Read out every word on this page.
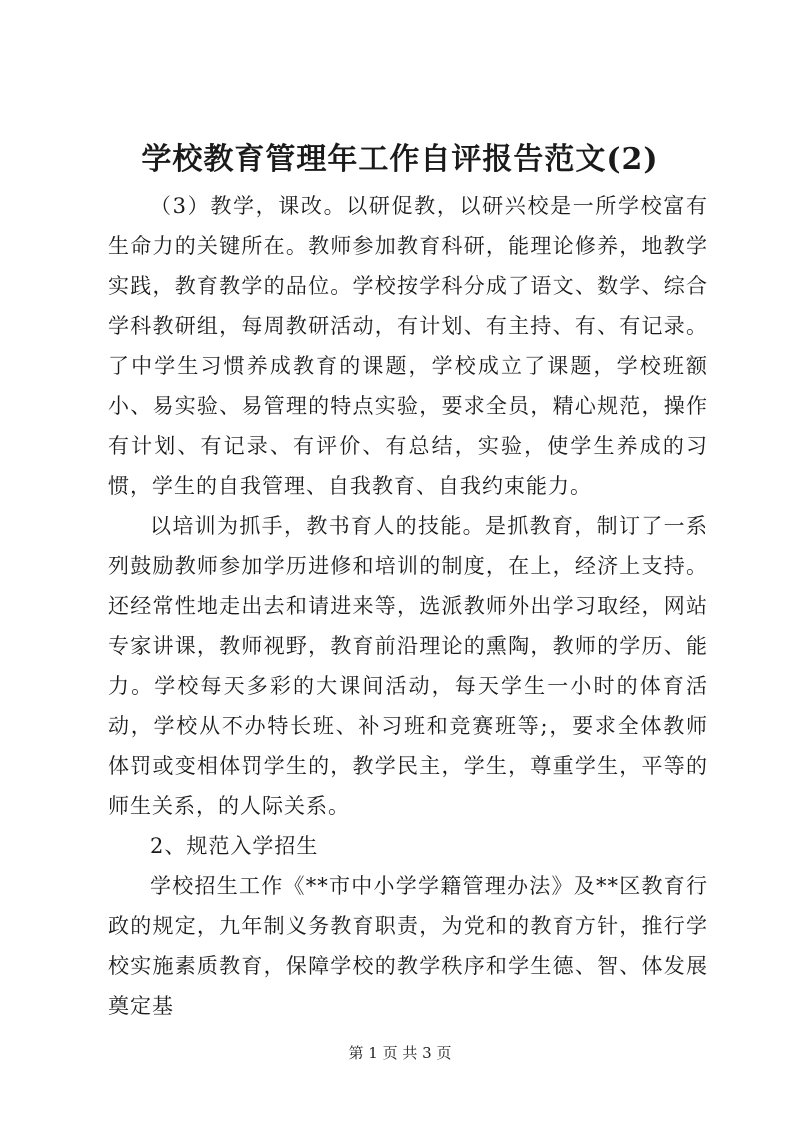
学校教育管理年工作自评报告范文(2)

（3）教学，课改。以研促教，以研兴校是一所学校富有生命力的关键所在。教师参加教育科研，能理论修养，地教学实践，教育教学的品位。学校按学科分成了语文、数学、综合学科教研组，每周教研活动，有计划、有主持、有、有记录。了中学生习惯养成教育的课题，学校成立了课题，学校班额小、易实验、易管理的特点实验，要求全员，精心规范，操作有计划、有记录、有评价、有总结，实验，使学生养成的习惯，学生的自我管理、自我教育、自我约束能力。

以培训为抓手，教书育人的技能。是抓教育，制订了一系列鼓励教师参加学历进修和培训的制度，在上，经济上支持。还经常性地走出去和请进来等，选派教师外出学习取经，网站专家讲课，教师视野，教育前沿理论的熏陶，教师的学历、能力。学校每天多彩的大课间活动，每天学生一小时的体育活动，学校从不办特长班、补习班和竞赛班等;，要求全体教师体罚或变相体罚学生的，教学民主，学生，尊重学生，平等的师生关系，的人际关系。

2、规范入学招生

学校招生工作《**市中小学学籍管理办法》及**区教育行政的规定，九年制义务教育职责，为党和的教育方针，推行学校实施素质教育，保障学校的教学秩序和学生德、智、体发展奠定基

第 1 页 共 3 页
